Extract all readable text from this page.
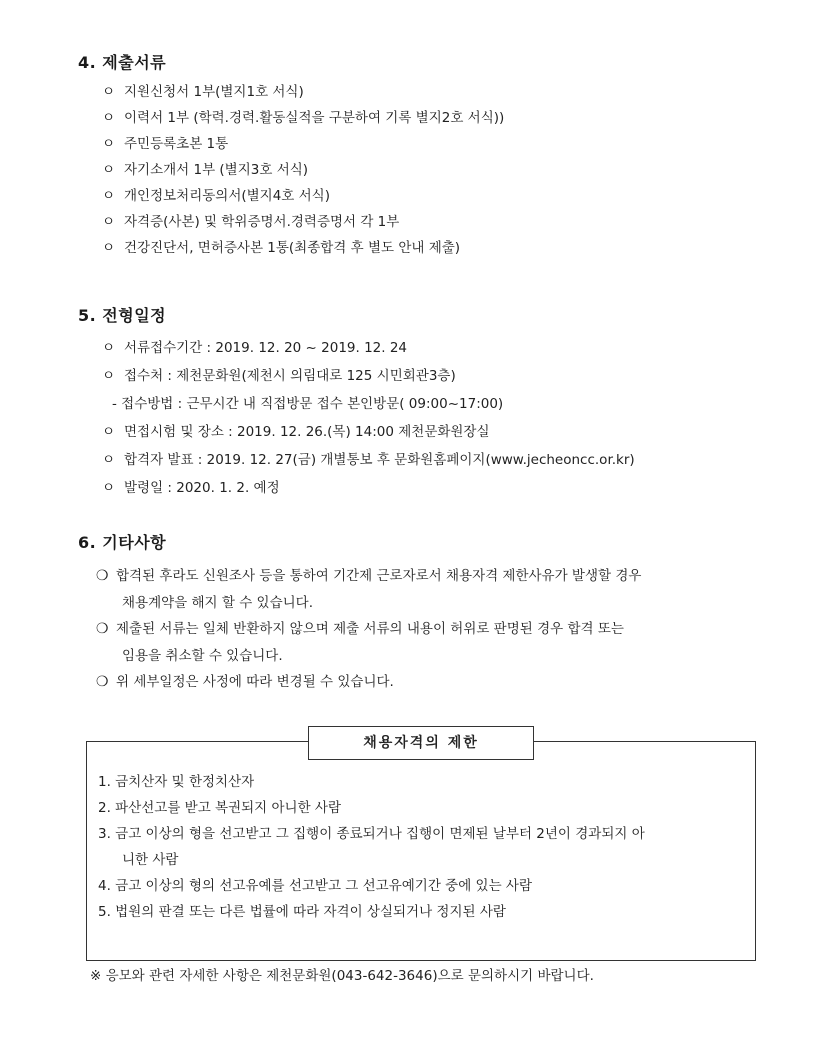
4. 제출서류
ㅇ 지원신청서 1부(별지1호 서식)
ㅇ 이력서 1부 (학력.경력.활동실적을 구분하여 기록 별지2호 서식))
ㅇ 주민등록초본 1통
ㅇ 자기소개서 1부 (별지3호 서식)
ㅇ 개인정보처리동의서(별지4호 서식)
ㅇ 자격증(사본) 및 학위증명서.경력증명서 각 1부
ㅇ 건강진단서, 면허증사본 1통(최종합격 후 별도 안내 제출)
5. 전형일정
ㅇ 서류접수기간 : 2019. 12. 20 ~ 2019. 12. 24
ㅇ 접수처 : 제천문화원(제천시 의림대로 125 시민회관3층)
- 접수방법 : 근무시간 내 직접방문 접수 본인방문( 09:00~17:00)
ㅇ 면접시험 및 장소 : 2019. 12. 26.(목) 14:00 제천문화원장실
ㅇ 합격자 발표 : 2019. 12. 27(금) 개별통보 후 문화원홈페이지(www.jecheoncc.or.kr)
ㅇ 발령일 : 2020. 1. 2. 예정
6. 기타사항
❍ 합격된 후라도 신원조사 등을 통하여 기간제 근로자로서 채용자격 제한사유가 발생할 경우
채용계약을 해지 할 수 있습니다.
❍ 제출된 서류는 일체 반환하지 않으며 제출 서류의 내용이 허위로 판명된 경우 합격 또는
임용을 취소할 수 있습니다.
❍ 위 세부일정은 사정에 따라 변경될 수 있습니다.
채용자격의 제한
1. 금치산자 및 한정치산자
2. 파산선고를 받고 복권되지 아니한 사람
3. 금고 이상의 형을 선고받고 그 집행이 종료되거나 집행이 면제된 날부터 2년이 경과되지 아
니한 사람
4. 금고 이상의 형의 선고유예를 선고받고 그 선고유예기간 중에 있는 사람
5. 법원의 판결 또는 다른 법률에 따라 자격이 상실되거나 정지된 사람
※ 응모와 관련 자세한 사항은 제천문화원(043-642-3646)으로 문의하시기 바랍니다.
